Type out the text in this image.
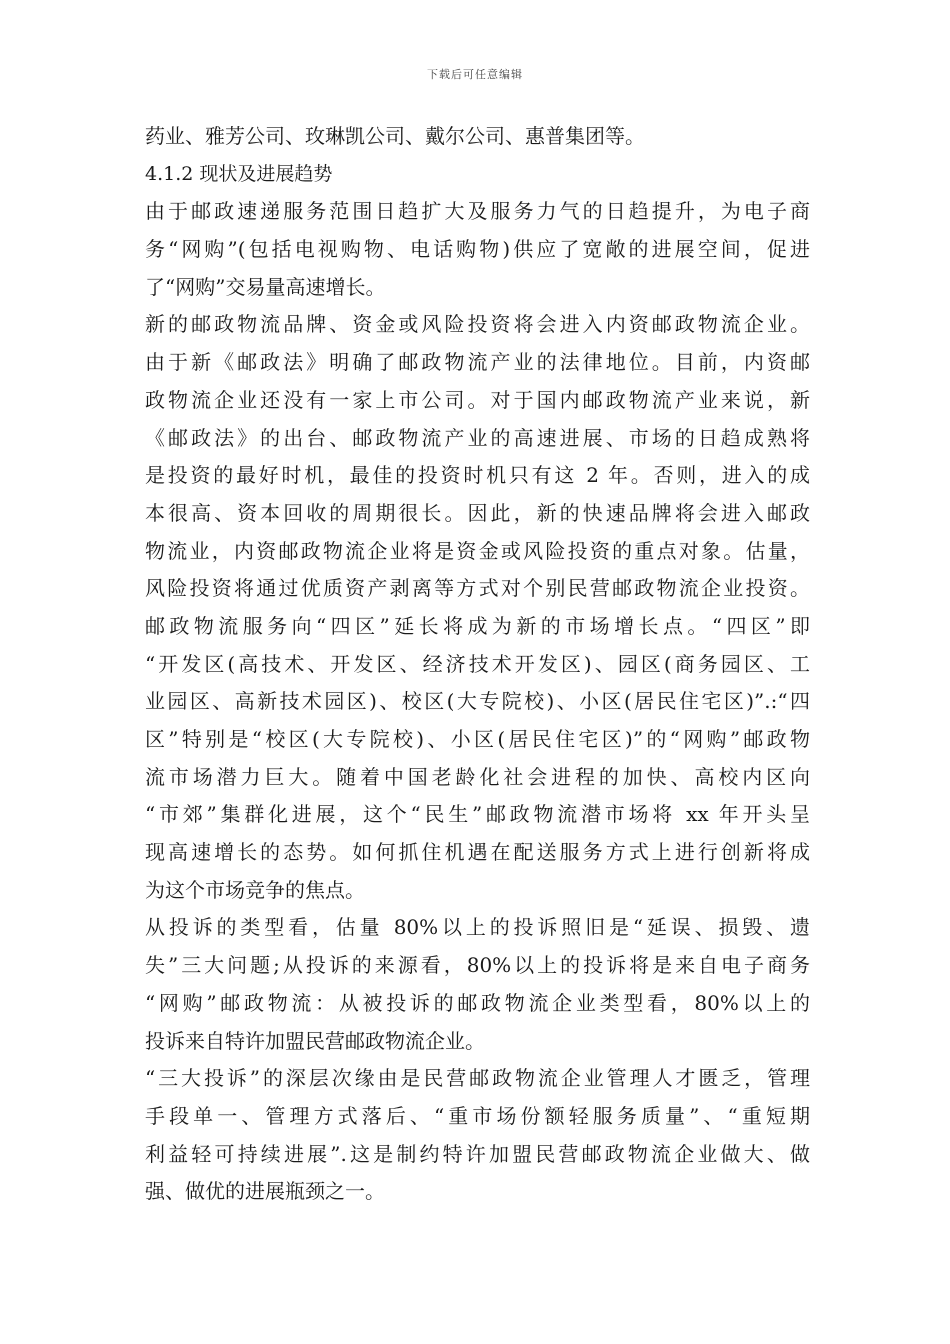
下载后可任意编辑
药业、雅芳公司、玫琳凯公司、戴尔公司、惠普集团等。
4.1.2 现状及进展趋势
由于邮政速递服务范围日趋扩大及服务力气的日趋提升，为电子商
务“网购”(包括电视购物、电话购物)供应了宽敞的进展空间，促进
了“网购”交易量高速增长。
新的邮政物流品牌、资金或风险投资将会进入内资邮政物流企业。
由于新《邮政法》明确了邮政物流产业的法律地位。目前，内资邮
政物流企业还没有一家上市公司。对于国内邮政物流产业来说，新
《邮政法》的出台、邮政物流产业的高速进展、市场的日趋成熟将
是投资的最好时机，最佳的投资时机只有这 2 年。否则，进入的成
本很高、资本回收的周期很长。因此，新的快速品牌将会进入邮政
物流业，内资邮政物流企业将是资金或风险投资的重点对象。估量，
风险投资将通过优质资产剥离等方式对个别民营邮政物流企业投资。
邮政物流服务向“四区”延长将成为新的市场增长点。“四区”即
“开发区(高技术、开发区、经济技术开发区)、园区(商务园区、工
业园区、高新技术园区)、校区(大专院校)、小区(居民住宅区)”.:“四
区”特别是“校区(大专院校)、小区(居民住宅区)”的“网购”邮政物
流市场潜力巨大。随着中国老龄化社会进程的加快、高校内区向
“市郊”集群化进展，这个“民生”邮政物流潜市场将 xx 年开头呈
现高速增长的态势。如何抓住机遇在配送服务方式上进行创新将成
为这个市场竞争的焦点。
从投诉的类型看，估量 80%以上的投诉照旧是“延误、损毁、遗
失”三大问题;从投诉的来源看，80%以上的投诉将是来自电子商务
“网购”邮政物流：从被投诉的邮政物流企业类型看，80%以上的
投诉来自特许加盟民营邮政物流企业。
“三大投诉”的深层次缘由是民营邮政物流企业管理人才匮乏，管理
手段单一、管理方式落后、“重市场份额轻服务质量”、“重短期
利益轻可持续进展”.这是制约特许加盟民营邮政物流企业做大、做
强、做优的进展瓶颈之一。
